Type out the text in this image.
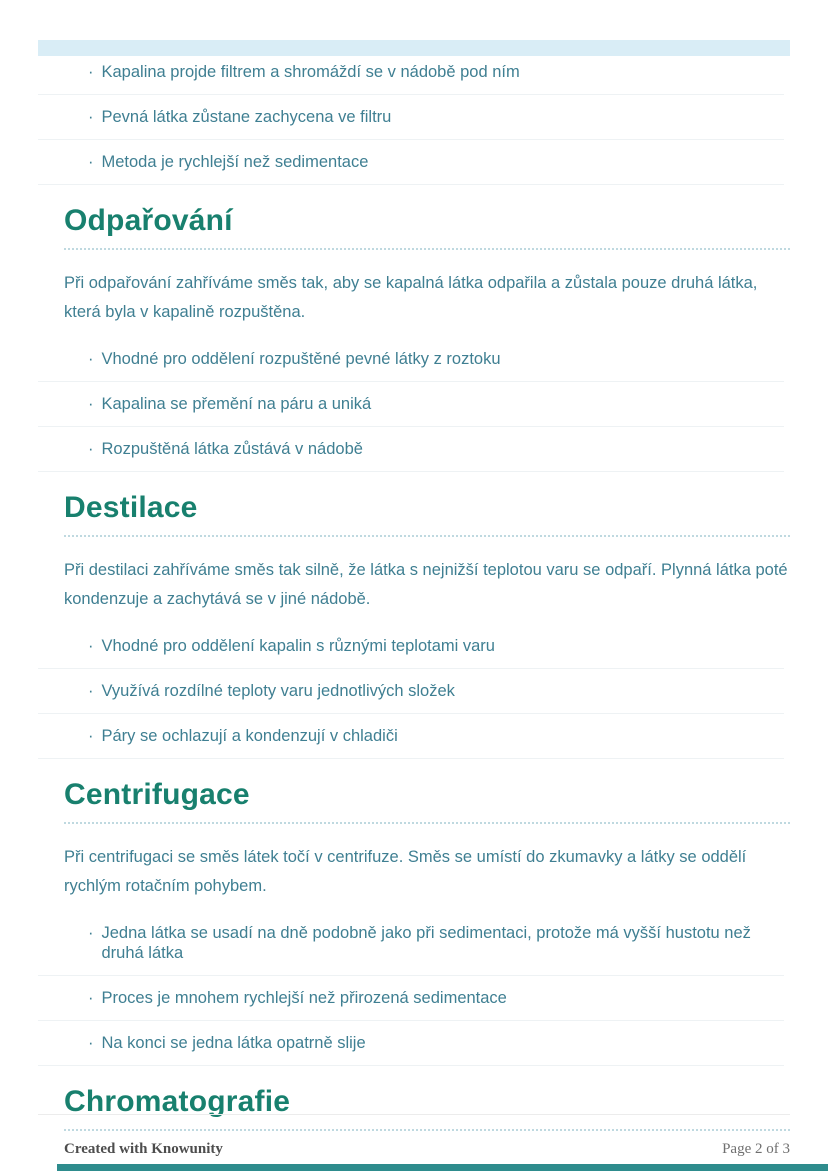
· Kapalina projde filtrem a shromáždí se v nádobě pod ním
· Pevná látka zůstane zachycena ve filtru
· Metoda je rychlejší než sedimentace
Odpařování

Při odpařování zahříváme směs tak, aby se kapalná látka odpařila a zůstala pouze druhá látka, která byla v kapalině rozpuštěna.

· Vhodné pro oddělení rozpuštěné pevné látky z roztoku
· Kapalina se přemění na páru a uniká
· Rozpuštěná látka zůstává v nádobě
Destilace

Při destilaci zahříváme směs tak silně, že látka s nejnižší teplotou varu se odpaří. Plynná látka poté kondenzuje a zachytává se v jiné nádobě.

· Vhodné pro oddělení kapalin s různými teplotami varu
· Využívá rozdílné teploty varu jednotlivých složek
· Páry se ochlazují a kondenzují v chladiči
Centrifugace

Při centrifugaci se směs látek točí v centrifuze. Směs se umístí do zkumavky a látky se oddělí rychlým rotačním pohybem.

· Jedna látka se usadí na dně podobně jako při sedimentaci, protože má vyšší hustotu než druhá látka
· Proces je mnohem rychlejší než přirozená sedimentace
· Na konci se jedna látka opatrně slije
Chromatografie
Created with Knowunity	Page 2 of 3
